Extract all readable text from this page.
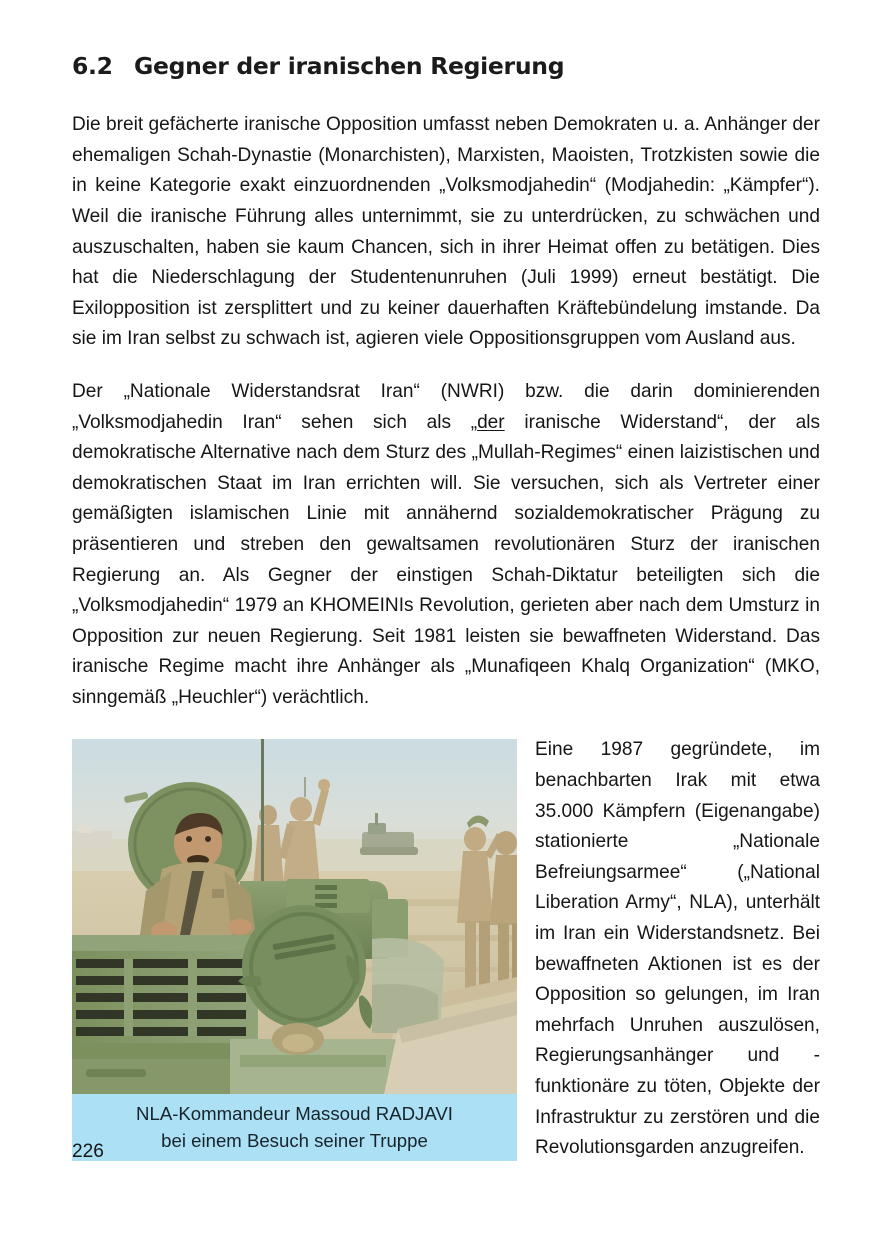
6.2 Gegner der iranischen Regierung

Die breit gefächerte iranische Opposition umfasst neben Demokraten u. a. Anhänger der ehemaligen Schah-Dynastie (Monarchisten), Marxisten, Maoisten, Trotzkisten sowie die in keine Kategorie exakt einzuordnenden „Volksmodjahedin“ (Modjahedin: „Kämpfer“). Weil die iranische Führung alles unternimmt, sie zu unterdrücken, zu schwächen und auszuschalten, haben sie kaum Chancen, sich in ihrer Heimat offen zu betätigen. Dies hat die Niederschlagung der Studentenunruhen (Juli 1999) erneut bestätigt. Die Exilopposition ist zersplittert und zu keiner dauerhaften Kräftebündelung imstande. Da sie im Iran selbst zu schwach ist, agieren viele Oppositionsgruppen vom Ausland aus.

Der „Nationale Widerstandsrat Iran“ (NWRI) bzw. die darin dominierenden „Volksmodjahedin Iran“ sehen sich als „der iranische Widerstand“, der als demokratische Alternative nach dem Sturz des „Mullah-Regimes“ einen laizistischen und demokratischen Staat im Iran errichten will. Sie versuchen, sich als Vertreter einer gemäßigten islamischen Linie mit annähernd sozialdemokratischer Prägung zu präsentieren und streben den gewaltsamen revolutionären Sturz der iranischen Regierung an. Als Gegner der einstigen Schah-Diktatur beteiligten sich die „Volksmodjahedin“ 1979 an KHOMEINIs Revolution, gerieten aber nach dem Umsturz in Opposition zur neuen Regierung. Seit 1981 leisten sie bewaffneten Widerstand. Das iranische Regime macht ihre Anhänger als „Munafiqeen Khalq Organization“ (MKO, sinngemäß „Heuchler“) verächtlich.

NLA-Kommandeur Massoud RADJAVI
bei einem Besuch seiner Truppe

Eine 1987 gegründete, im benachbarten Irak mit etwa 35.000 Kämpfern (Eigenangabe) stationierte „Nationale Befreiungsarmee“ („National Liberation Army“, NLA), unterhält im Iran ein Widerstandsnetz. Bei bewaffneten Aktionen ist es der Opposition so gelungen, im Iran mehrfach Unruhen auszulösen, Regierungsanhänger und -funktionäre zu töten, Objekte der Infrastruktur zu zerstören und die Revolutionsgarden anzugreifen.

226
